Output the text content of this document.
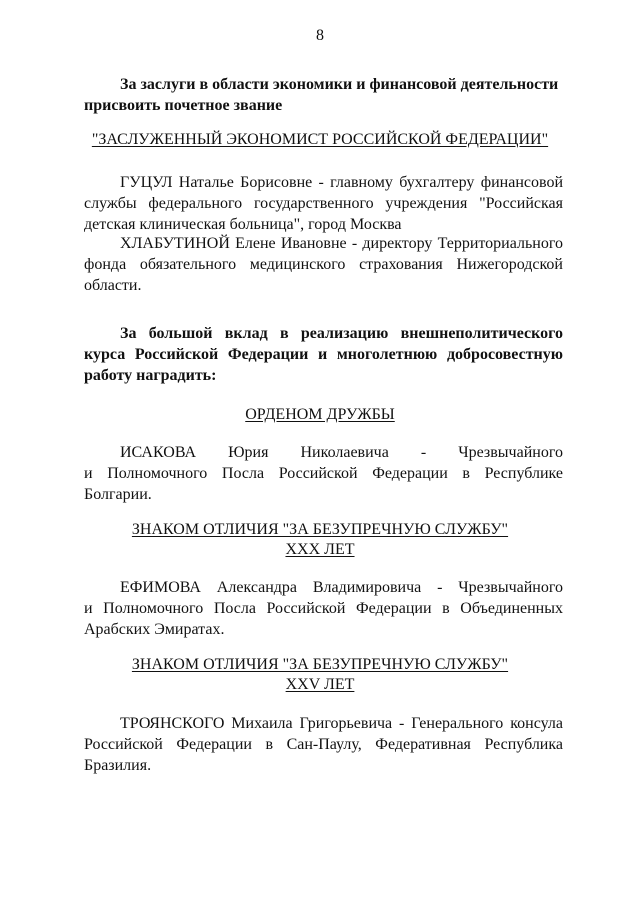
8
За заслуги в области экономики и финансовой деятельности
присвоить почетное звание
"ЗАСЛУЖЕННЫЙ ЭКОНОМИСТ РОССИЙСКОЙ ФЕДЕРАЦИИ"
ГУЦУЛ Наталье Борисовне - главному бухгалтеру финансовой
службы федерального государственного учреждения "Российская
детская клиническая больница", город Москва
ХЛАБУТИНОЙ Елене Ивановне - директору Территориального
фонда обязательного медицинского страхования Нижегородской
области.
За большой вклад в реализацию внешнеполитического
курса Российской Федерации и многолетнюю добросовестную
работу наградить:
ОРДЕНОМ ДРУЖБЫ
ИСАКОВА Юрия Николаевича - Чрезвычайного
и Полномочного Посла Российской Федерации в Республике
Болгарии.
ЗНАКОМ ОТЛИЧИЯ "ЗА БЕЗУПРЕЧНУЮ СЛУЖБУ"
XXX ЛЕТ
ЕФИМОВА Александра Владимировича - Чрезвычайного
и Полномочного Посла Российской Федерации в Объединенных
Арабских Эмиратах.
ЗНАКОМ ОТЛИЧИЯ "ЗА БЕЗУПРЕЧНУЮ СЛУЖБУ"
XXV ЛЕТ
ТРОЯНСКОГО Михаила Григорьевича - Генерального консула
Российской Федерации в Сан-Паулу, Федеративная Республика
Бразилия.
